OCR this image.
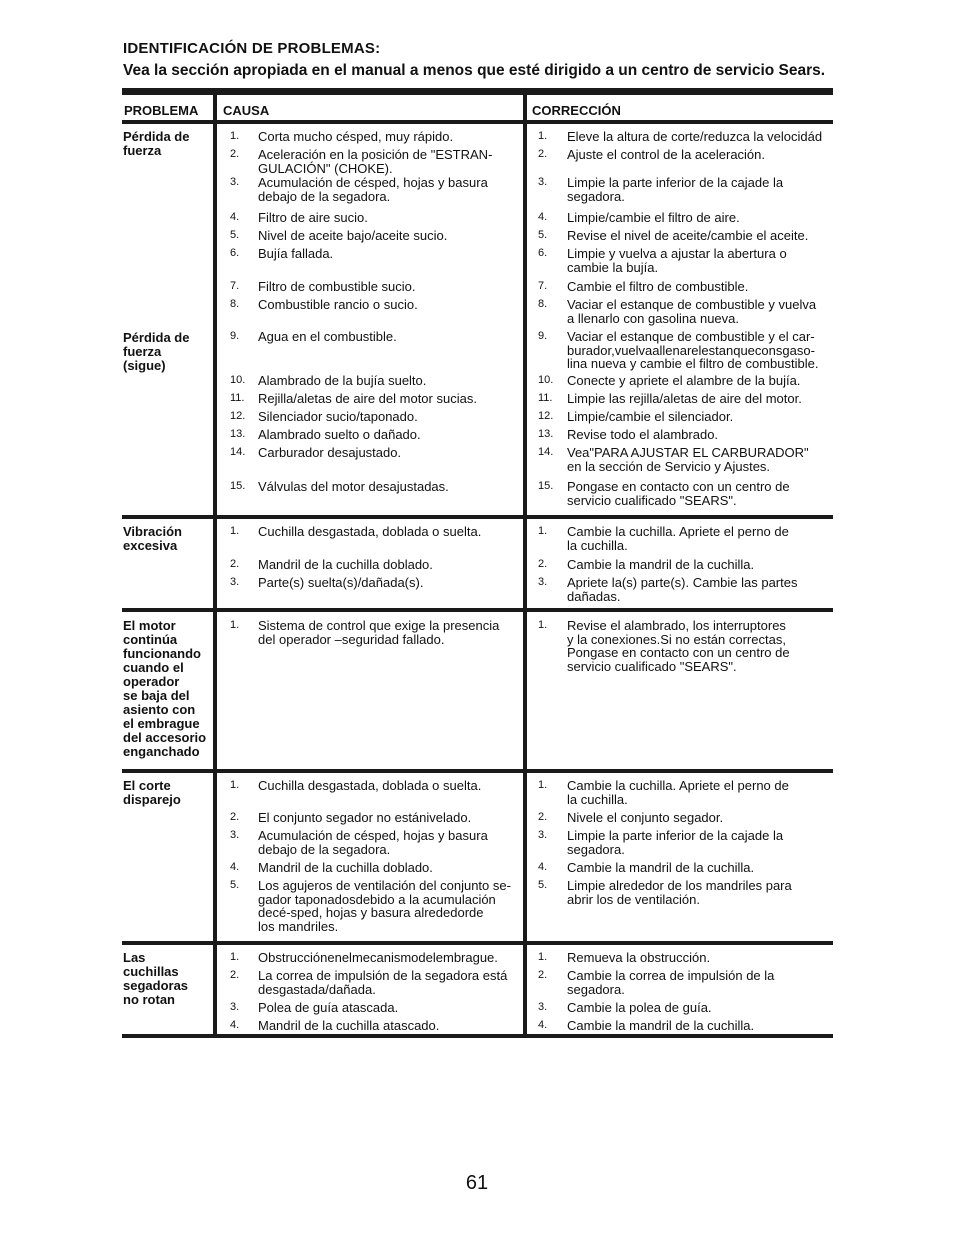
IDENTIFICACIÓN DE PROBLEMAS:
Vea la sección apropiada en el manual a menos que esté dirigido a un centro de servicio Sears.
PROBLEMA CAUSA	CORRECCIÓN
Pérdida de
fuerza
Pérdida de
fuerza
(sigue)
1. Corta mucho césped, muy rápido.
2. Aceleración en la posición de "ESTRAN-
GULACIÓN" (CHOKE).
3. Acumulación de césped, hojas y basura
debajo de la segadora.
4. Filtro de aire sucio.
5. Nivel de aceite bajo/aceite sucio.
6. Bujía fallada.
7. Filtro de combustible sucio.
8. Combustible rancio o sucio.
9. Agua en el combustible.
10. Alambrado de la bujía suelto.
11. Rejilla/aletas de aire del motor sucias.
12. Silenciador sucio/taponado.
13. Alambrado suelto o dañado.
14. Carburador desajustado.
15. Válvulas del motor desajustadas.
1. Eleve la altura de corte/reduzca la velocidád
2. Ajuste el control de la aceleración.
3. Limpie la parte inferior de la cajade la
segadora.
4. Limpie/cambie el filtro de aire.
5. Revise el nivel de aceite/cambie el aceite.
6. Limpie y vuelva a ajustar la abertura o
cambie la bujía.
7. Cambie el filtro de combustible.
8. Vaciar el estanque de combustible y vuelva
a llenarlo con gasolina nueva.
9. Vaciar el estanque de combustible y el car-
burador,vuelvaallenarelestanqueconsgaso-
lina nueva y cambie el filtro de combustible.
10. Conecte y apriete el alambre de la bujía.
11. Limpie las rejilla/aletas de aire del motor.
12. Limpie/cambie el silenciador.
13. Revise todo el alambrado.
14. Vea"PARA AJUSTAR EL CARBURADOR"
en la sección de Servicio y Ajustes.
15. Pongase en contacto con un centro de
servicio cualificado "SEARS".
Vibración
excesiva
1. Cuchilla desgastada, doblada o suelta.
2. Mandril de la cuchilla doblado.
3. Parte(s) suelta(s)/dañada(s).
1. Cambie la cuchilla. Apriete el perno de
la cuchilla.
2. Cambie la mandril de la cuchilla.
3. Apriete la(s) parte(s). Cambie las partes
dañadas.
El motor
continúa
funcionando
cuando el
operador
se baja del
asiento con
el embrague
del accesorio
enganchado
1. Sistema de control que exige la presencia
del operador –seguridad fallado.
1. Revise el alambrado, los interruptores
y la conexiones.Si no están correctas,
Pongase en contacto con un centro de
servicio cualificado "SEARS".
El corte
disparejo
1. Cuchilla desgastada, doblada o suelta.
2. El conjunto segador no estánivelado.
3. Acumulación de césped, hojas y basura
debajo de la segadora.
4. Mandril de la cuchilla doblado.
5. Los agujeros de ventilación del conjunto se-
gador taponadosdebido a la acumulación
decé-sped, hojas y basura alrededorde
los mandriles.
1. Cambie la cuchilla. Apriete el perno de
la cuchilla.
2. Nivele el conjunto segador.
3. Limpie la parte inferior de la cajade la
segadora.
4. Cambie la mandril de la cuchilla.
5. Limpie alrededor de los mandriles para
abrir los de ventilación.
Las
cuchillas
segadoras
no rotan
1. Obstrucciónenelmecanismodelembrague.
2. La correa de impulsión de la segadora está
desgastada/dañada.
3. Polea de guía atascada.
4. Mandril de la cuchilla atascado.
1. Remueva la obstrucción.
2. Cambie la correa de impulsión de la
segadora.
3. Cambie la polea de guía.
4. Cambie la mandril de la cuchilla.
61
